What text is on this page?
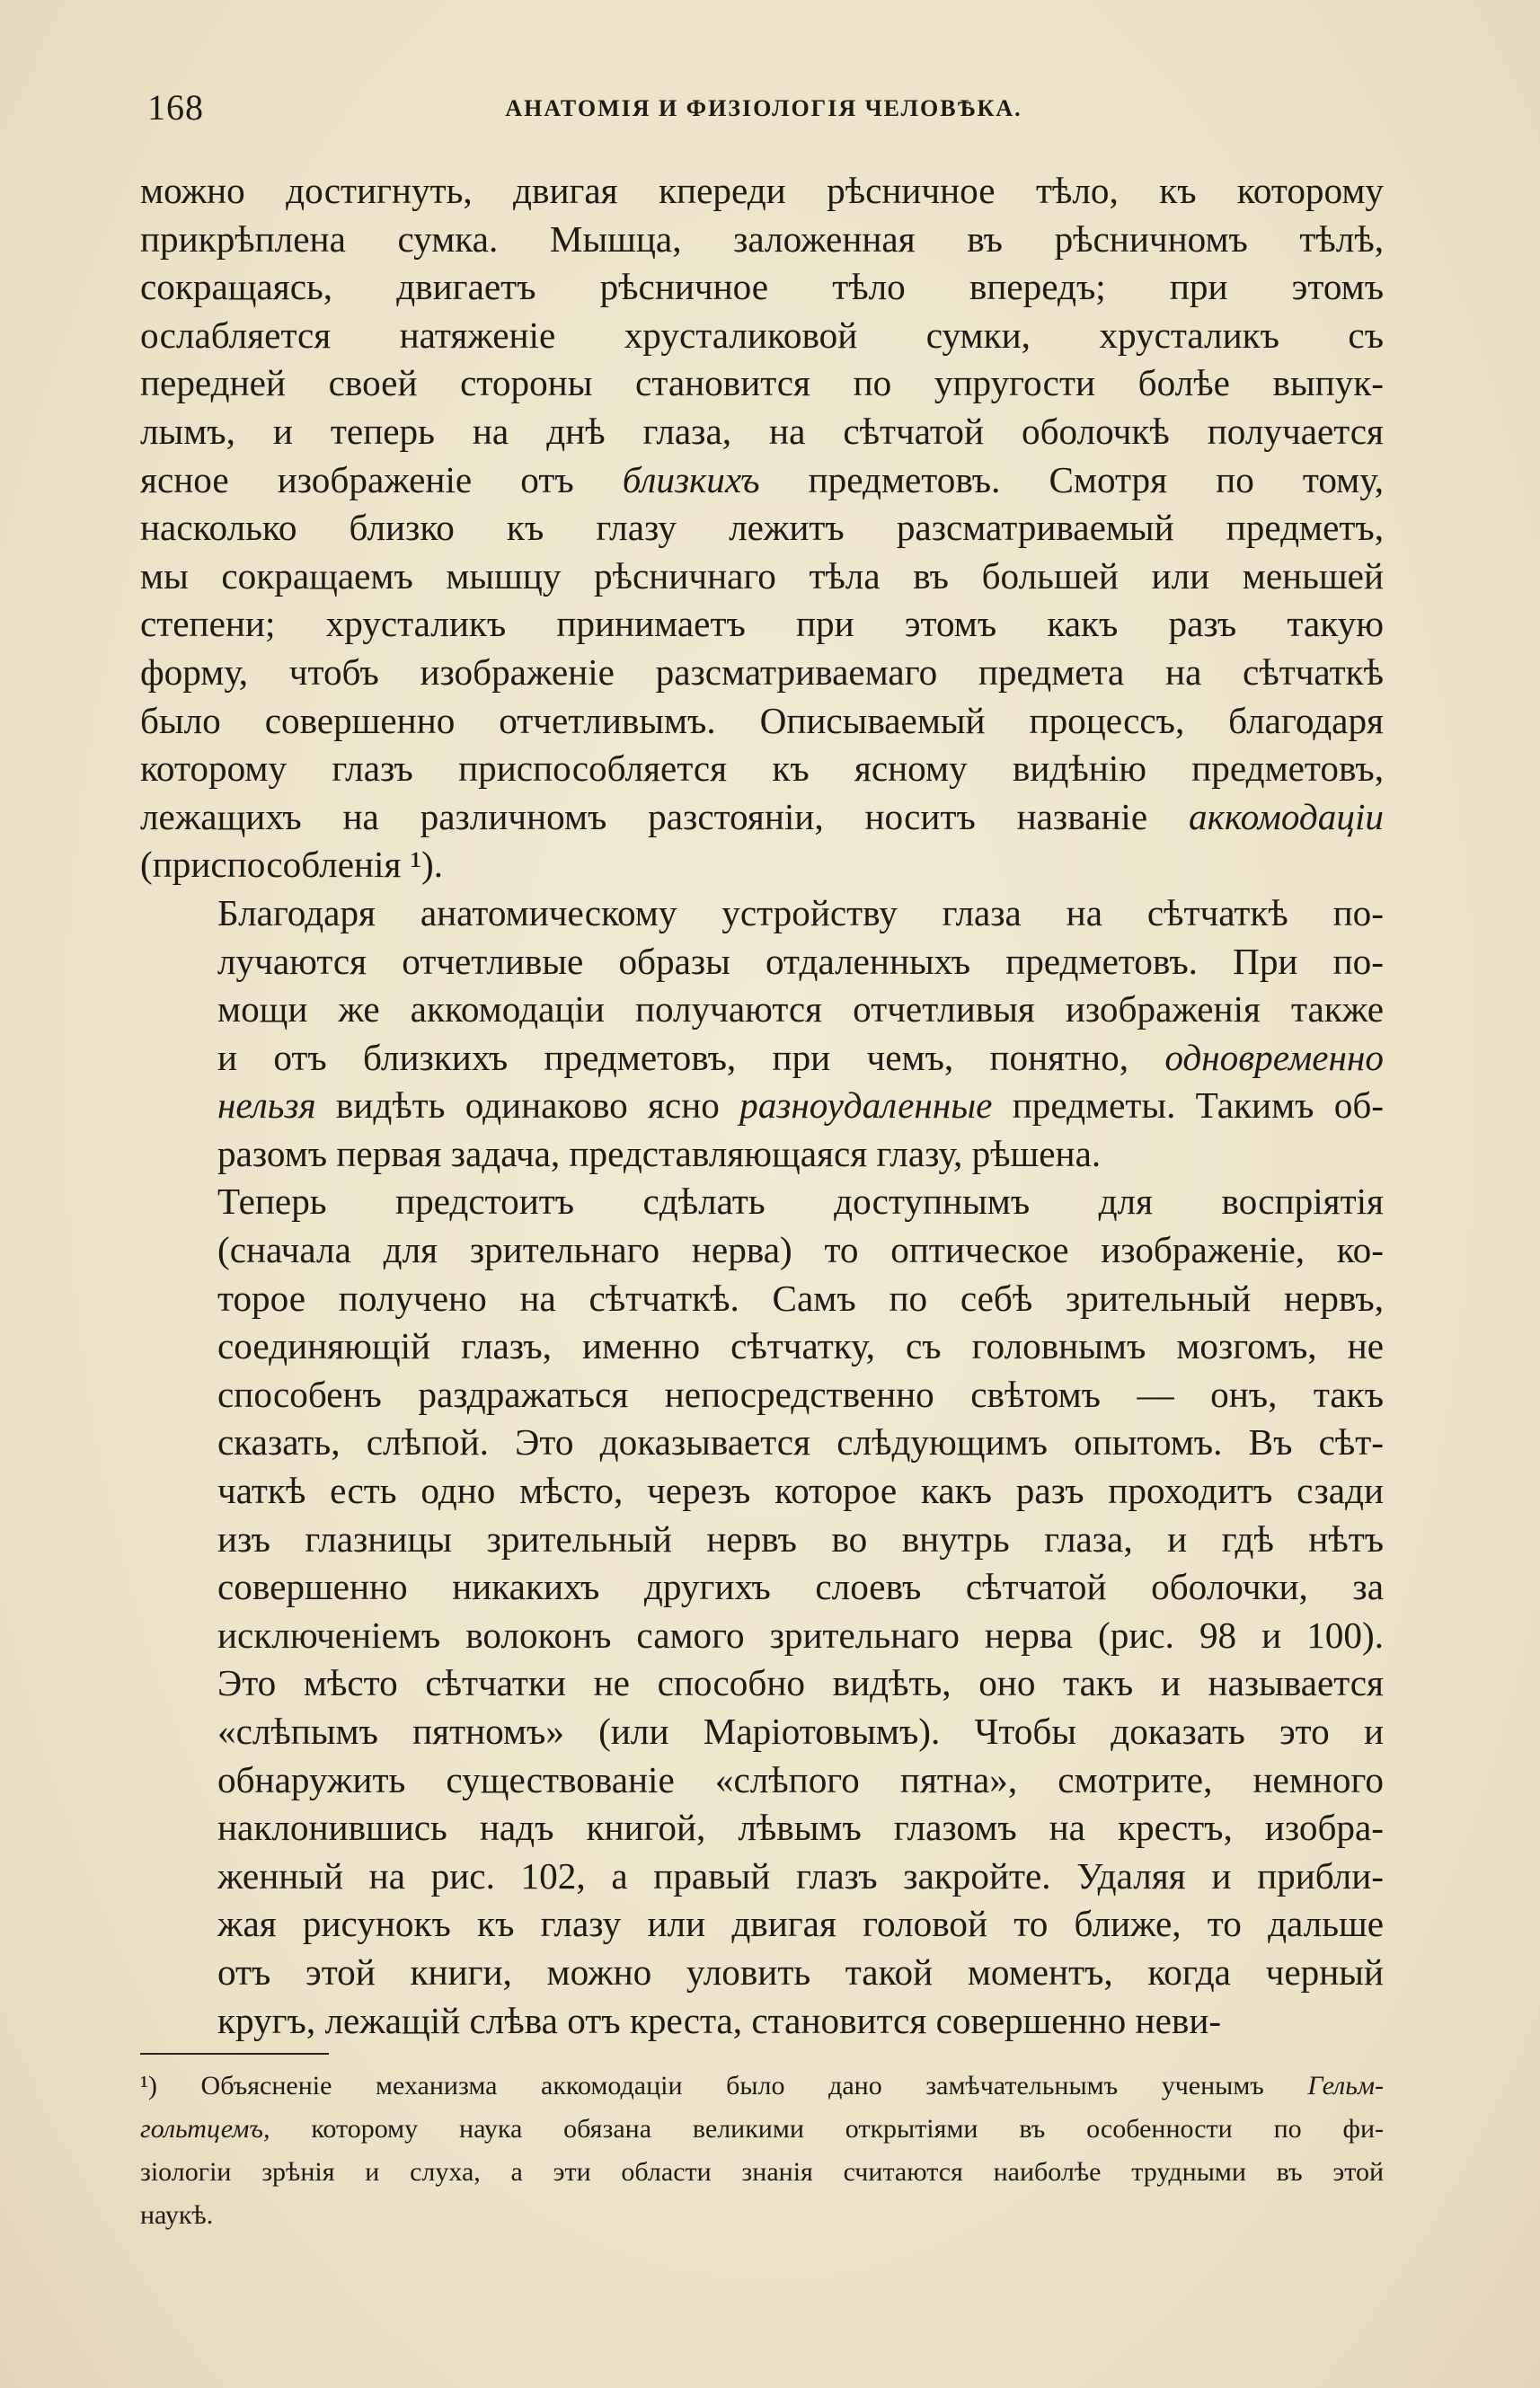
168	АНАТОМІЯ И ФИЗІОЛОГІЯ ЧЕЛОВѢКА.
можно достигнуть, двигая кпереди рѣсничное тѣло, къ которому
прикрѣплена сумка. Мышца, заложенная въ рѣсничномъ тѣлѣ,
сокращаясь, двигаетъ рѣсничное тѣло впередъ; при этомъ
ослабляется натяженіе хрусталиковой сумки, хрусталикъ съ
передней своей стороны становится по упругости болѣе выпук-
лымъ, и теперь на днѣ глаза, на сѣтчатой оболочкѣ получается
ясное изображеніе отъ близкихъ предметовъ. Смотря по тому,
насколько близко къ глазу лежитъ разсматриваемый предметъ,
мы сокращаемъ мышцу рѣсничнаго тѣла въ большей или меньшей
степени; хрусталикъ принимаетъ при этомъ какъ разъ такую
форму, чтобъ изображеніе разсматриваемаго предмета на сѣтчаткѣ
было совершенно отчетливымъ. Описываемый процессъ, благодаря
которому глазъ приспособляется къ ясному видѣнію предметовъ,
лежащихъ на различномъ разстояніи, носитъ названіе аккомодаціи
(приспособленія ¹).
Благодаря анатомическому устройству глаза на сѣтчаткѣ по-
лучаются отчетливые образы отдаленныхъ предметовъ. При по-
мощи же аккомодаціи получаются отчетливыя изображенія также
и отъ близкихъ предметовъ, при чемъ, понятно, одновременно
нельзя видѣть одинаково ясно разноудаленные предметы. Такимъ об-
разомъ первая задача, представляющаяся глазу, рѣшена.
Теперь предстоитъ сдѣлать доступнымъ для воспріятія
(сначала для зрительнаго нерва) то оптическое изображеніе, ко-
торое получено на сѣтчаткѣ. Самъ по себѣ зрительный нервъ,
соединяющій глазъ, именно сѣтчатку, съ головнымъ мозгомъ, не
способенъ раздражаться непосредственно свѣтомъ — онъ, такъ
сказать, слѣпой. Это доказывается слѣдующимъ опытомъ. Въ сѣт-
чаткѣ есть одно мѣсто, черезъ которое какъ разъ проходитъ сзади
изъ глазницы зрительный нервъ во внутрь глаза, и гдѣ нѣтъ
совершенно никакихъ другихъ слоевъ сѣтчатой оболочки, за
исключеніемъ волоконъ самого зрительнаго нерва (рис. 98 и 100).
Это мѣсто сѣтчатки не способно видѣть, оно такъ и называется
«слѣпымъ пятномъ» (или Маріотовымъ). Чтобы доказать это и
обнаружить существованіе «слѣпого пятна», смотрите, немного
наклонившись надъ книгой, лѣвымъ глазомъ на крестъ, изобра-
женный на рис. 102, а правый глазъ закройте. Удаляя и прибли-
жая рисунокъ къ глазу или двигая головой то ближе, то дальше
отъ этой книги, можно уловить такой моментъ, когда черный
кругъ, лежащій слѣва отъ креста, становится совершенно неви-
¹) Объясненіе механизма аккомодаціи было дано замѣчательнымъ ученымъ Гельм-
гольтцемъ, которому наука обязана великими открытіями въ особенности по фи-
зіологіи зрѣнія и слуха, а эти области знанія считаются наиболѣе трудными въ этой
наукѣ.
